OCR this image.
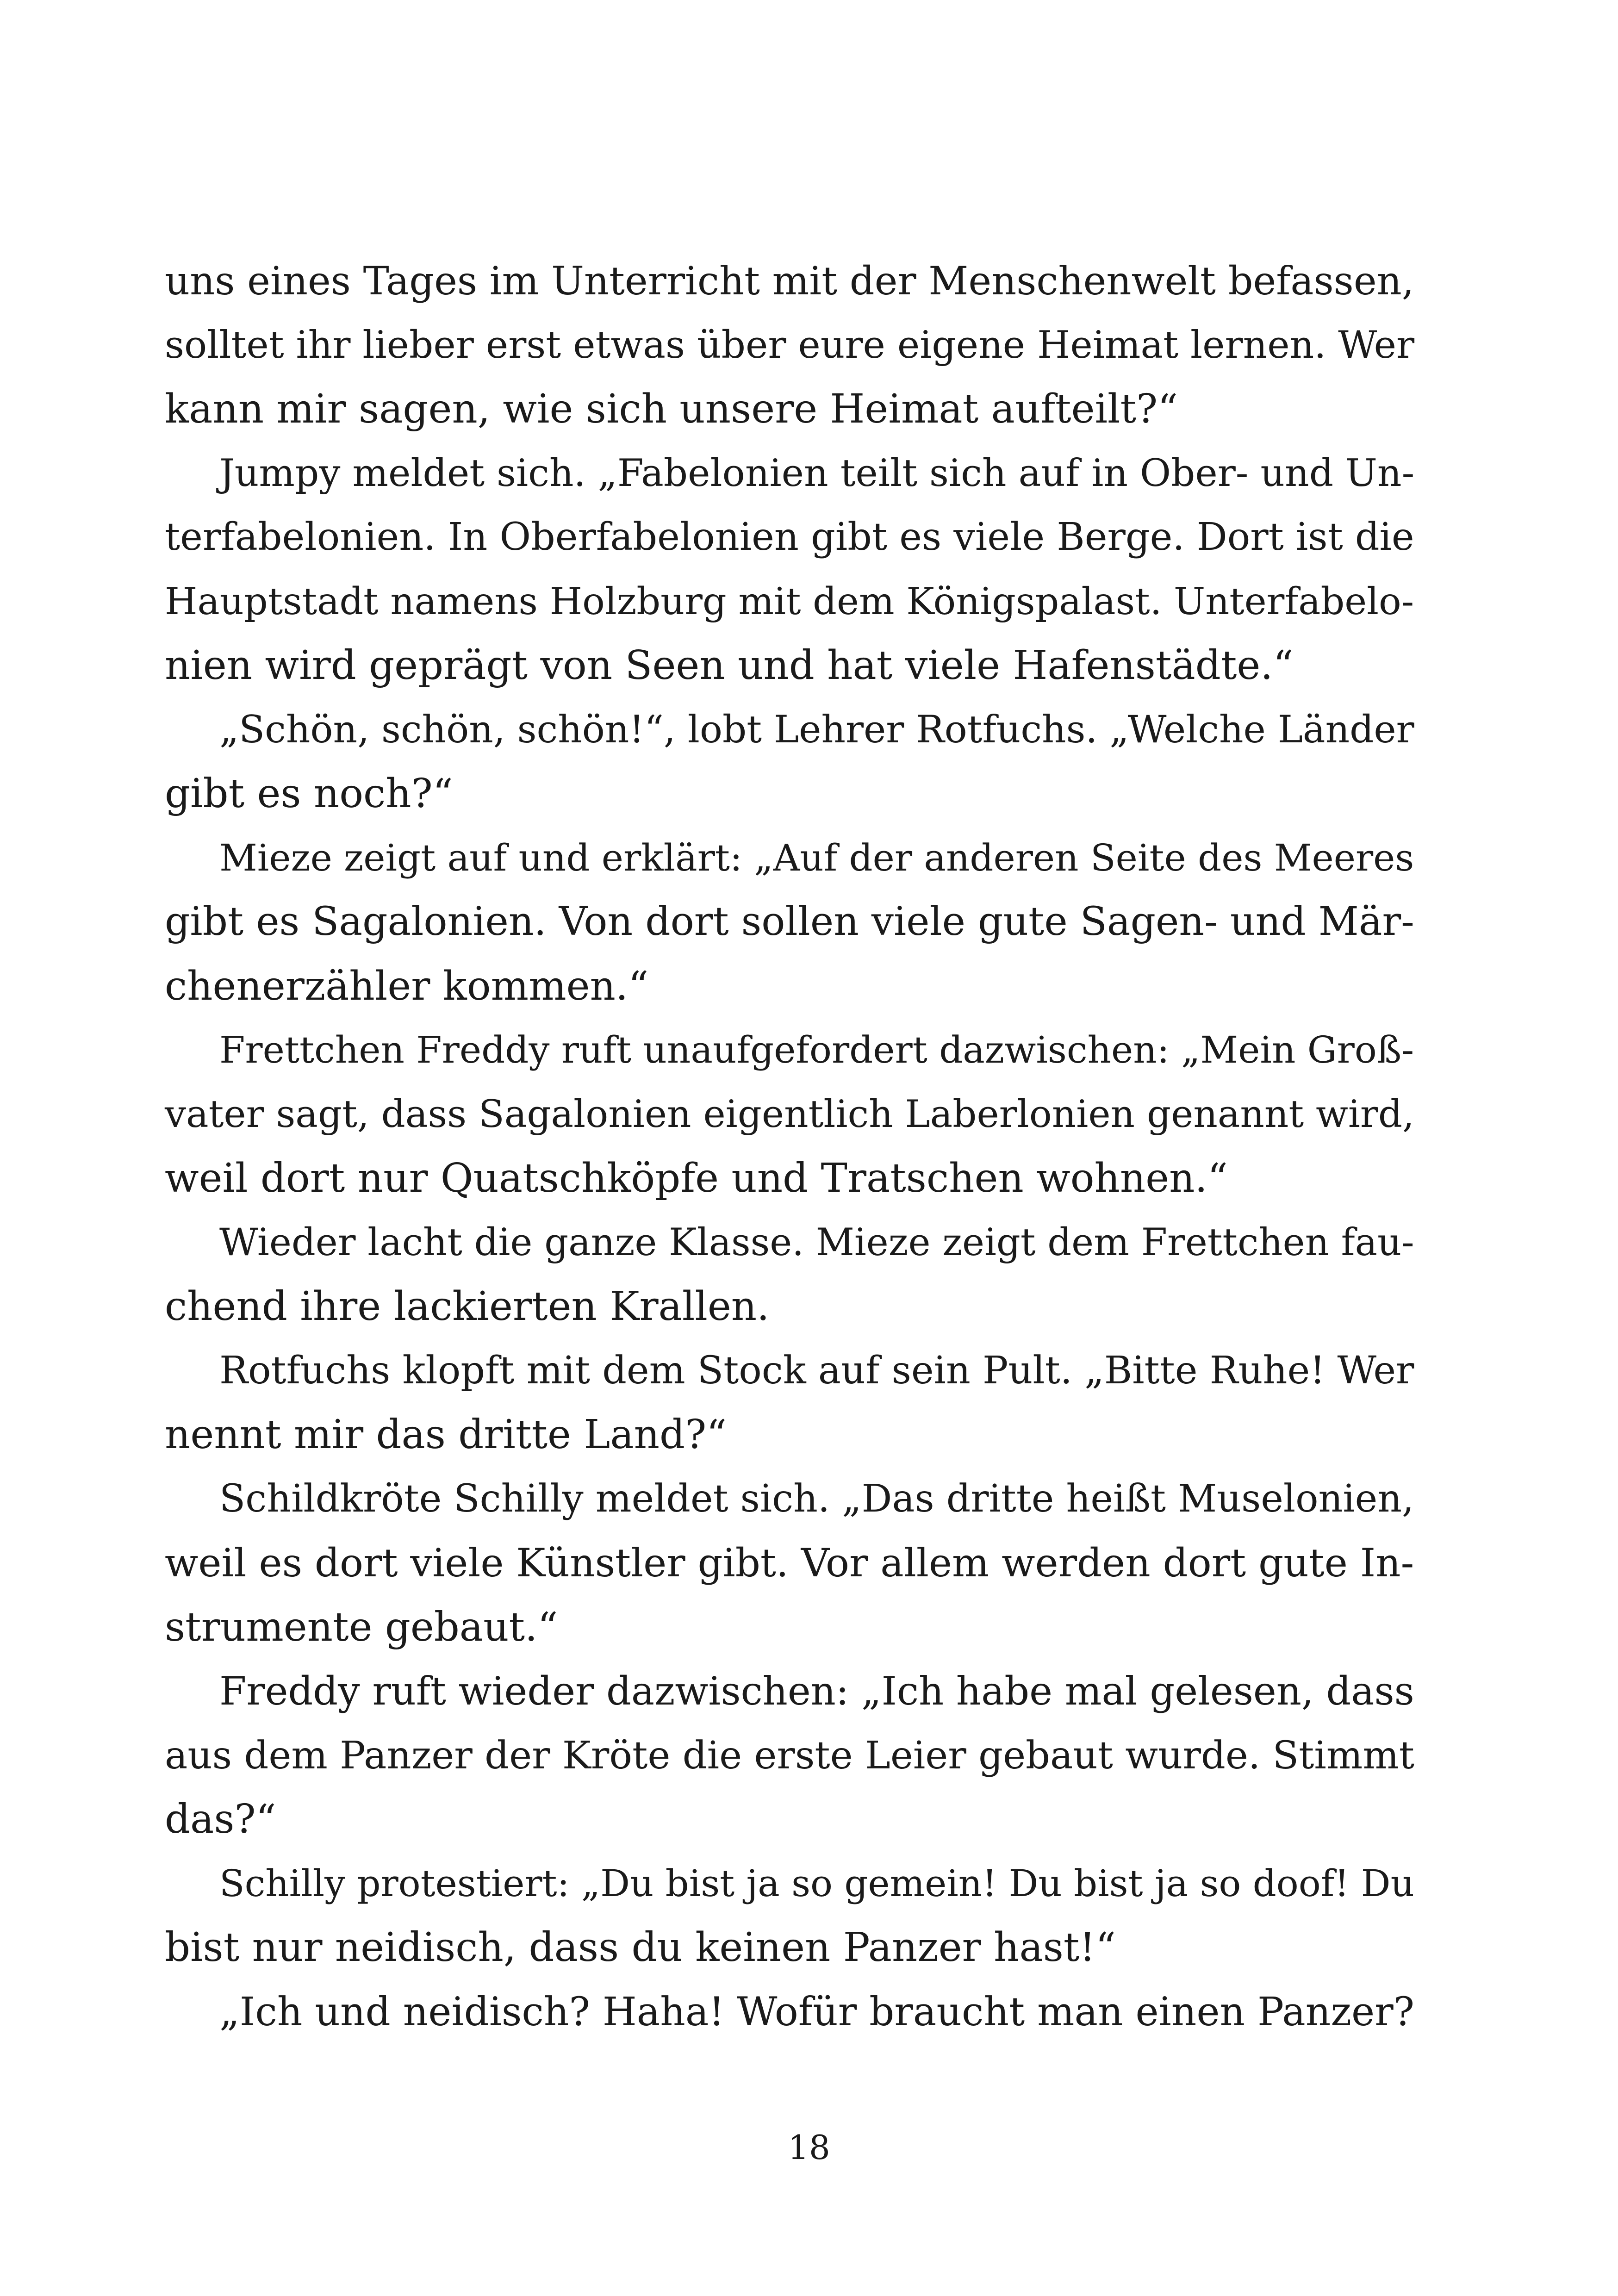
uns eines Tages im Unterricht mit der Menschenwelt befassen,
solltet ihr lieber erst etwas über eure eigene Heimat lernen. Wer
kann mir sagen, wie sich unsere Heimat aufteilt?“
Jumpy meldet sich. „Fabelonien teilt sich auf in Ober- und Un-
terfabelonien. In Oberfabelonien gibt es viele Berge. Dort ist die
Hauptstadt namens Holzburg mit dem Königspalast. Unterfabelo-
nien wird geprägt von Seen und hat viele Hafenstädte.“
„Schön, schön, schön!“, lobt Lehrer Rotfuchs. „Welche Länder
gibt es noch?“
Mieze zeigt auf und erklärt: „Auf der anderen Seite des Meeres
gibt es Sagalonien. Von dort sollen viele gute Sagen- und Mär-
chenerzähler kommen.“
Frettchen Freddy ruft unaufgefordert dazwischen: „Mein Groß-
vater sagt, dass Sagalonien eigentlich Laberlonien genannt wird,
weil dort nur Quatschköpfe und Tratschen wohnen.“
Wieder lacht die ganze Klasse. Mieze zeigt dem Frettchen fau-
chend ihre lackierten Krallen.
Rotfuchs klopft mit dem Stock auf sein Pult. „Bitte Ruhe! Wer
nennt mir das dritte Land?“
Schildkröte Schilly meldet sich. „Das dritte heißt Muselonien,
weil es dort viele Künstler gibt. Vor allem werden dort gute In-
strumente gebaut.“
Freddy ruft wieder dazwischen: „Ich habe mal gelesen, dass
aus dem Panzer der Kröte die erste Leier gebaut wurde. Stimmt
das?“
Schilly protestiert: „Du bist ja so gemein! Du bist ja so doof! Du
bist nur neidisch, dass du keinen Panzer hast!“
„Ich und neidisch? Haha! Wofür braucht man einen Panzer?
18
